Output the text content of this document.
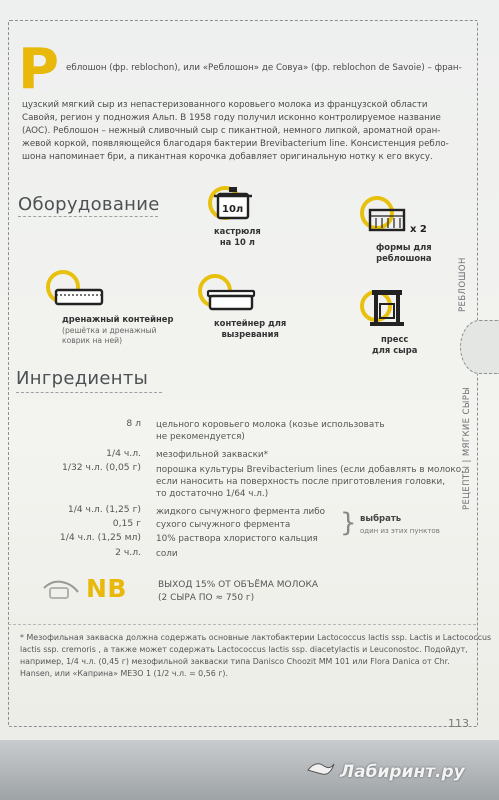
Р еблошон (фр. reblochon), или «Реблошон» де Совуа» (фр. reblochon de Savoie) – фран-
цузский мягкий сыр из непастеризованного коровьего молока из французской области
Савойя, регион у подножия Альп. В 1958 году получил исконно контролируемое название
(AOC). Реблошон – нежный сливочный сыр с пикантной, немного липкой, ароматной оран-
жевой коркой, появляющейся благодаря бактерии Brevibacterium line. Консистенция ребло-
шона напоминает бри, а пикантная корочка добавляет оригинальную нотку к его вкусу.
Оборудование	10л
кастрюля
на 10 л
х 2
формы для
реблошона
дренажный контейнер
(решётка и дренажный
коврик на ней)
контейнер для
вызревания
пресс
для сыра
Ингредиенты
8 л цельного коровьего молока (козье использовать
не рекомендуется)
1/4 ч.л. мезофильной закваски*
1/32 ч.л. (0,05 г) порошка культуры Brevibacterium lines (если добавлять в молоко,
если наносить на поверхность после приготовления головки,
то достаточно 1/64 ч.л.)
1/4 ч.л. (1,25 г) жидкого сычужного фермента либо
0,15 г сухого сычужного фермента
1/4 ч.л. (1,25 мл) 10% раствора хлористого кальция
2 ч.л. соли
} выбрать
один из этих пунктов
NB	ВЫХОД 15% ОТ ОБЪЁМА МОЛОКА
(2 СЫРА ПО ≈ 750 г)
* Мезофильная закваска должна содержать основные лактобактерии Lactococcus lactis ssp. Lactis и Lactococcus
lactis ssp. cremoris , а также может содержать Lactococcus lactis ssp. diacetylactis и Leuconostoc. Подойдут,
например, 1/4 ч.л. (0,45 г) мезофильной закваски типа Danisco Choozit MM 101 или Flora Danica от Chr.
Hansen, или «Каприна» МЕЗО 1 (1/2 ч.л. = 0,56 г).
РЕБЛОШОН
РЕЦЕПТЫ | МЯГКИЕ СЫРЫ
113
Лабиринт.ру
